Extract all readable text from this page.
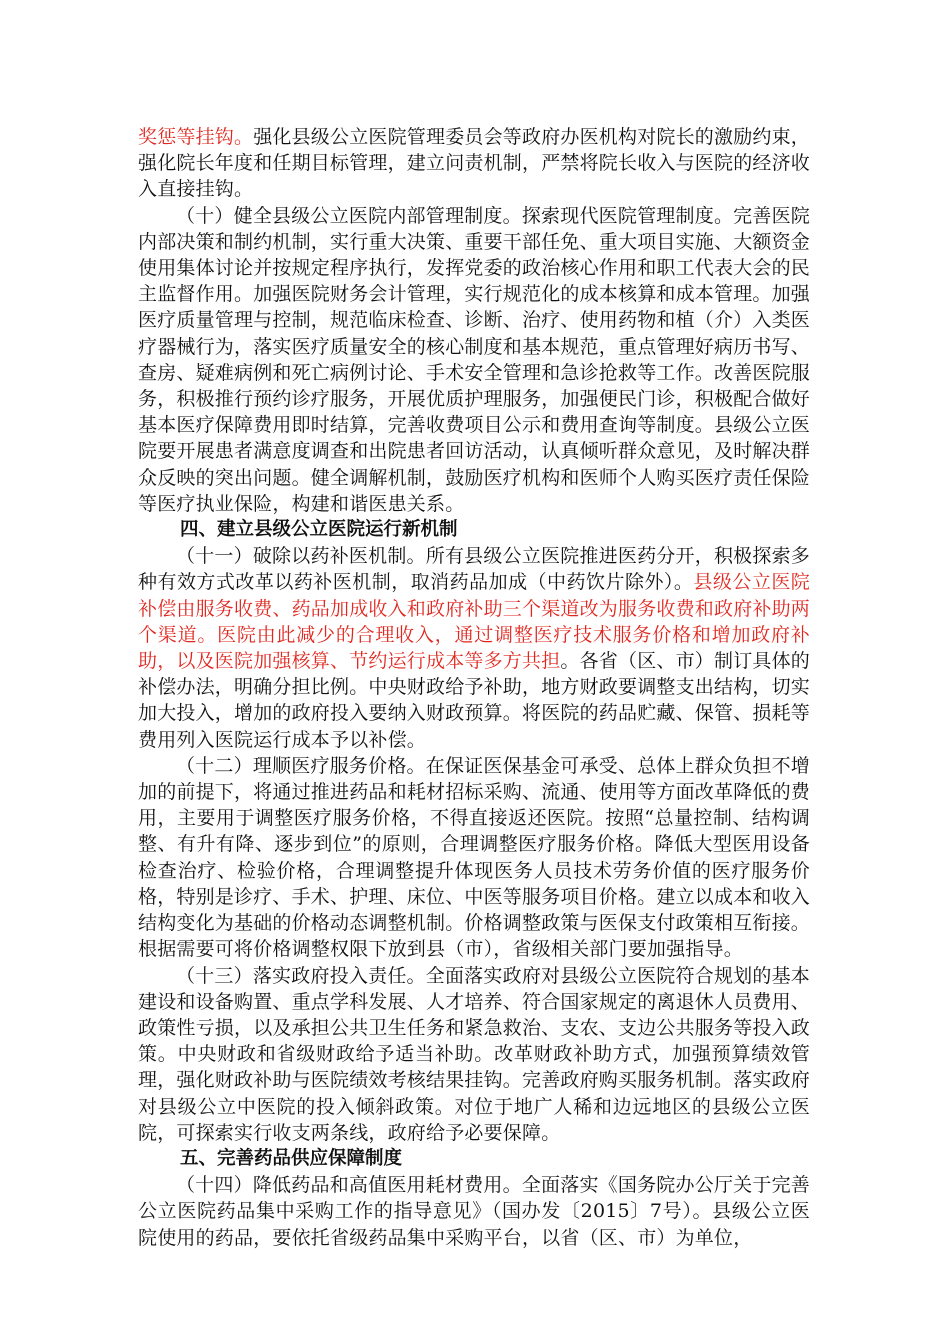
奖惩等挂钩。强化县级公立医院管理委员会等政府办医机构对院长的激励约束，强化院长年度和任期目标管理，建立问责机制，严禁将院长收入与医院的经济收入直接挂钩。

（十）健全县级公立医院内部管理制度。探索现代医院管理制度。完善医院内部决策和制约机制，实行重大决策、重要干部任免、重大项目实施、大额资金使用集体讨论并按规定程序执行，发挥党委的政治核心作用和职工代表大会的民主监督作用。加强医院财务会计管理，实行规范化的成本核算和成本管理。加强医疗质量管理与控制，规范临床检查、诊断、治疗、使用药物和植（介）入类医疗器械行为，落实医疗质量安全的核心制度和基本规范，重点管理好病历书写、查房、疑难病例和死亡病例讨论、手术安全管理和急诊抢救等工作。改善医院服务，积极推行预约诊疗服务，开展优质护理服务，加强便民门诊，积极配合做好基本医疗保障费用即时结算，完善收费项目公示和费用查询等制度。县级公立医院要开展患者满意度调查和出院患者回访活动，认真倾听群众意见，及时解决群众反映的突出问题。健全调解机制，鼓励医疗机构和医师个人购买医疗责任保险等医疗执业保险，构建和谐医患关系。

四、建立县级公立医院运行新机制

（十一）破除以药补医机制。所有县级公立医院推进医药分开，积极探索多种有效方式改革以药补医机制，取消药品加成（中药饮片除外）。县级公立医院补偿由服务收费、药品加成收入和政府补助三个渠道改为服务收费和政府补助两个渠道。医院由此减少的合理收入，通过调整医疗技术服务价格和增加政府补助，以及医院加强核算、节约运行成本等多方共担。各省（区、市）制订具体的补偿办法，明确分担比例。中央财政给予补助，地方财政要调整支出结构，切实加大投入，增加的政府投入要纳入财政预算。将医院的药品贮藏、保管、损耗等费用列入医院运行成本予以补偿。

（十二）理顺医疗服务价格。在保证医保基金可承受、总体上群众负担不增加的前提下，将通过推进药品和耗材招标采购、流通、使用等方面改革降低的费用，主要用于调整医疗服务价格，不得直接返还医院。按照“总量控制、结构调整、有升有降、逐步到位”的原则，合理调整医疗服务价格。降低大型医用设备检查治疗、检验价格，合理调整提升体现医务人员技术劳务价值的医疗服务价格，特别是诊疗、手术、护理、床位、中医等服务项目价格。建立以成本和收入结构变化为基础的价格动态调整机制。价格调整政策与医保支付政策相互衔接。根据需要可将价格调整权限下放到县（市），省级相关部门要加强指导。

（十三）落实政府投入责任。全面落实政府对县级公立医院符合规划的基本建设和设备购置、重点学科发展、人才培养、符合国家规定的离退休人员费用、政策性亏损，以及承担公共卫生任务和紧急救治、支农、支边公共服务等投入政策。中央财政和省级财政给予适当补助。改革财政补助方式，加强预算绩效管理，强化财政补助与医院绩效考核结果挂钩。完善政府购买服务机制。落实政府对县级公立中医院的投入倾斜政策。对位于地广人稀和边远地区的县级公立医院，可探索实行收支两条线，政府给予必要保障。

五、完善药品供应保障制度

（十四）降低药品和高值医用耗材费用。全面落实《国务院办公厅关于完善公立医院药品集中采购工作的指导意见》（国办发〔2015〕7号）。县级公立医院使用的药品，要依托省级药品集中采购平台，以省（区、市）为单位，
